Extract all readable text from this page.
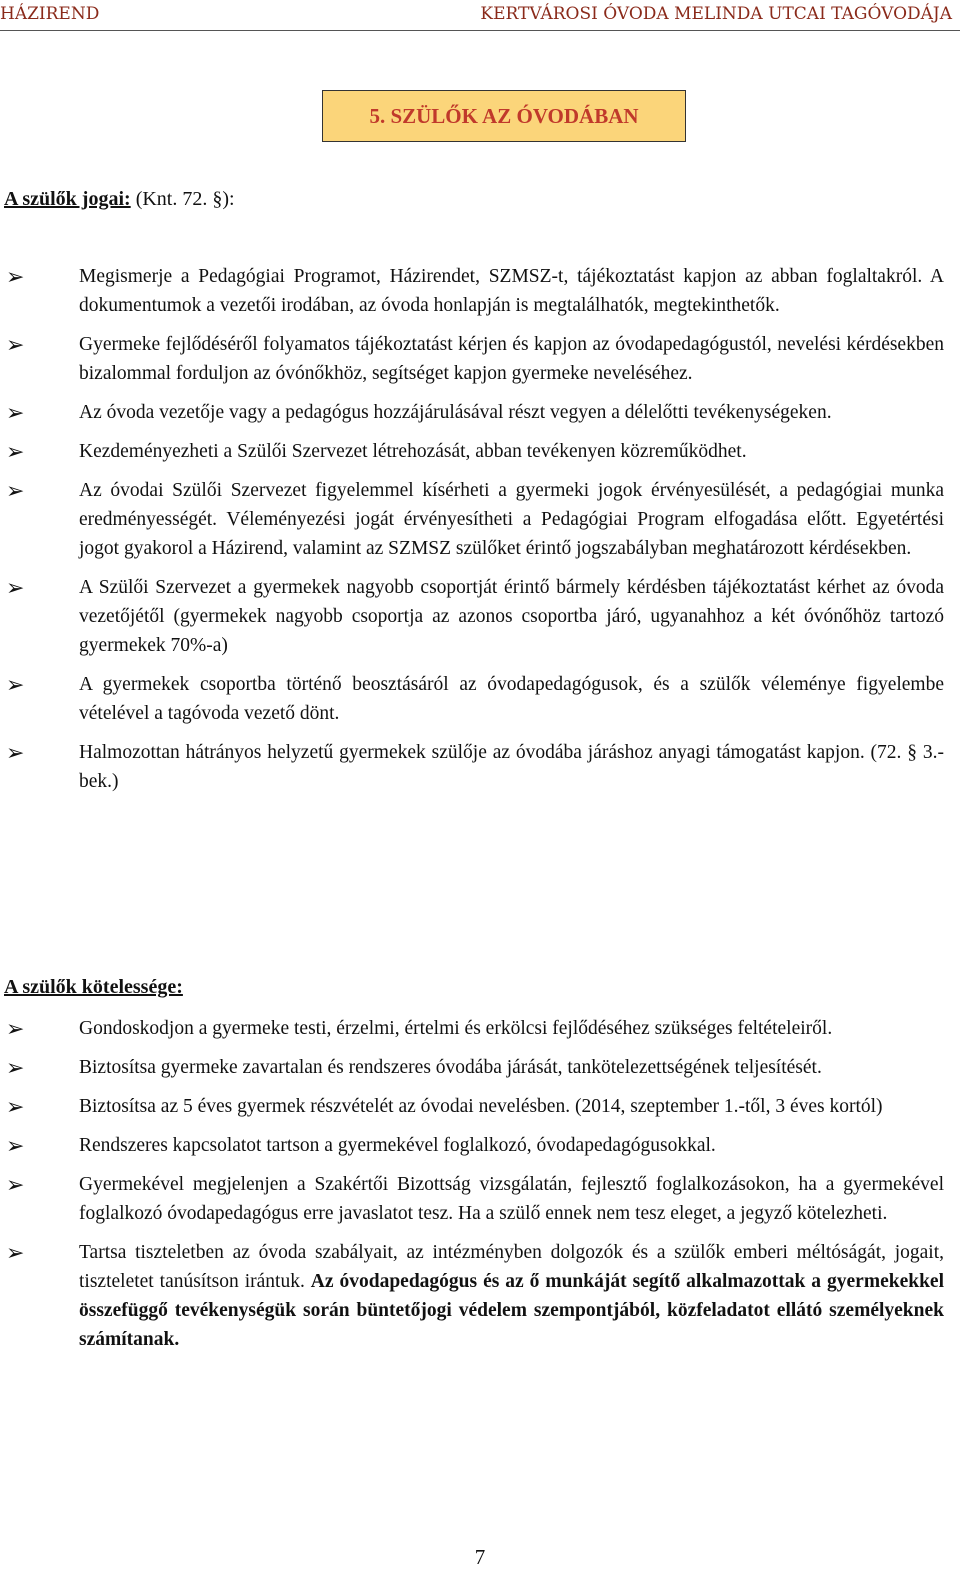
HÁZIREND	KERTVÁROSI ÓVODA MELINDA UTCAI TAGÓVODÁJA
5. SZÜLŐK AZ ÓVODÁBAN
A szülők jogai: (Knt. 72. §):
➢	Megismerje a Pedagógiai Programot, Házirendet, SZMSZ-t, tájékoztatást kapjon az abban foglaltakról. A dokumentumok a vezetői irodában, az óvoda honlapján is megtalálhatók, megtekinthetők.
➢	Gyermeke fejlődéséről folyamatos tájékoztatást kérjen és kapjon az óvodapedagógustól, nevelési kérdésekben bizalommal forduljon az óvónőkhöz, segítséget kapjon gyermeke neveléséhez.
➢	Az óvoda vezetője vagy a pedagógus hozzájárulásával részt vegyen a délelőtti tevékenységeken.
➢	Kezdeményezheti a Szülői Szervezet létrehozását, abban tevékenyen közreműködhet.
➢	Az óvodai Szülői Szervezet figyelemmel kísérheti a gyermeki jogok érvényesülését, a pedagógiai munka eredményességét. Véleményezési jogát érvényesítheti a Pedagógiai Program elfogadása előtt. Egyetértési jogot gyakorol a Házirend, valamint az SZMSZ szülőket érintő jogszabályban meghatározott kérdésekben.
➢	A Szülői Szervezet a gyermekek nagyobb csoportját érintő bármely kérdésben tájékoztatást kérhet az óvoda vezetőjétől (gyermekek nagyobb csoportja az azonos csoportba járó, ugyanahhoz a két óvónőhöz tartozó gyermekek 70%-a)
➢	A gyermekek csoportba történő beosztásáról az óvodapedagógusok, és a szülők véleménye figyelembe vételével a tagóvoda vezető dönt.
➢	Halmozottan hátrányos helyzetű gyermekek szülője az óvodába járáshoz anyagi támogatást kapjon. (72. § 3.-bek.)
A szülők kötelessége:
➢	Gondoskodjon a gyermeke testi, érzelmi, értelmi és erkölcsi fejlődéséhez szükséges feltételeiről.
➢	Biztosítsa gyermeke zavartalan és rendszeres óvodába járását, tankötelezettségének teljesítését.
➢	Biztosítsa az 5 éves gyermek részvételét az óvodai nevelésben. (2014, szeptember 1.-től, 3 éves kortól)
➢	Rendszeres kapcsolatot tartson a gyermekével foglalkozó, óvodapedagógusokkal.
➢	Gyermekével megjelenjen a Szakértői Bizottság vizsgálatán, fejlesztő foglalkozásokon, ha a gyermekével foglalkozó óvodapedagógus erre javaslatot tesz. Ha a szülő ennek nem tesz eleget, a jegyző kötelezheti.
➢	Tartsa tiszteletben az óvoda szabályait, az intézményben dolgozók és a szülők emberi méltóságát, jogait, tiszteletet tanúsítson irántuk. Az óvodapedagógus és az ő munkáját segítő alkalmazottak a gyermekekkel összefüggő tevékenységük során büntetőjogi védelem szempontjából, közfeladatot ellátó személyeknek számítanak.
7
